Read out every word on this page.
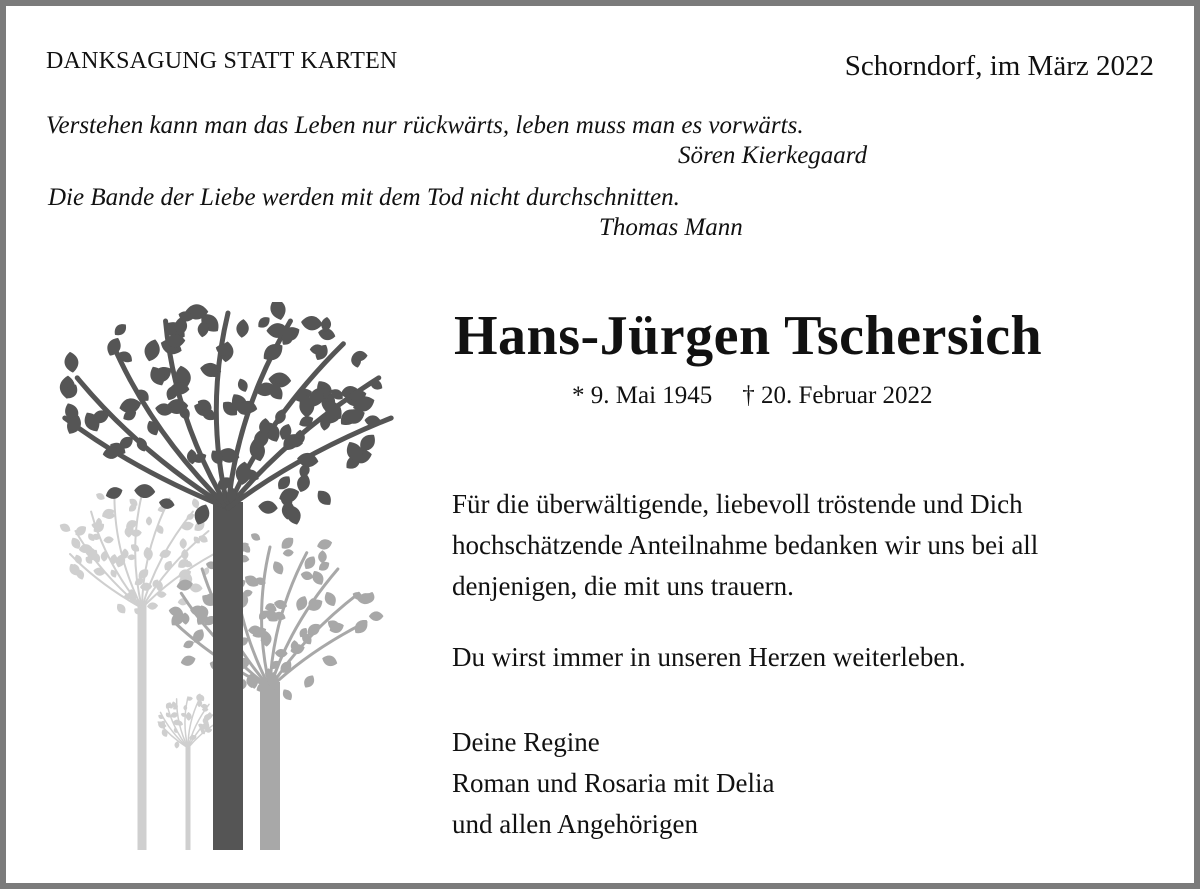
DANKSAGUNG STATT KARTEN	Schorndorf, im März 2022
Verstehen kann man das Leben nur rückwärts, leben muss man es vorwärts.
Sören Kierkegaard
Die Bande der Liebe werden mit dem Tod nicht durchschnitten.
Thomas Mann
Hans-Jürgen Tschersich
* 9. Mai 1945 † 20. Februar 2022

Für die überwältigende, liebevoll tröstende und Dich
hochschätzende Anteilnahme bedanken wir uns bei all
denjenigen, die mit uns trauern.

Du wirst immer in unseren Herzen weiterleben.

Deine Regine
Roman und Rosaria mit Delia
und allen Angehörigen
